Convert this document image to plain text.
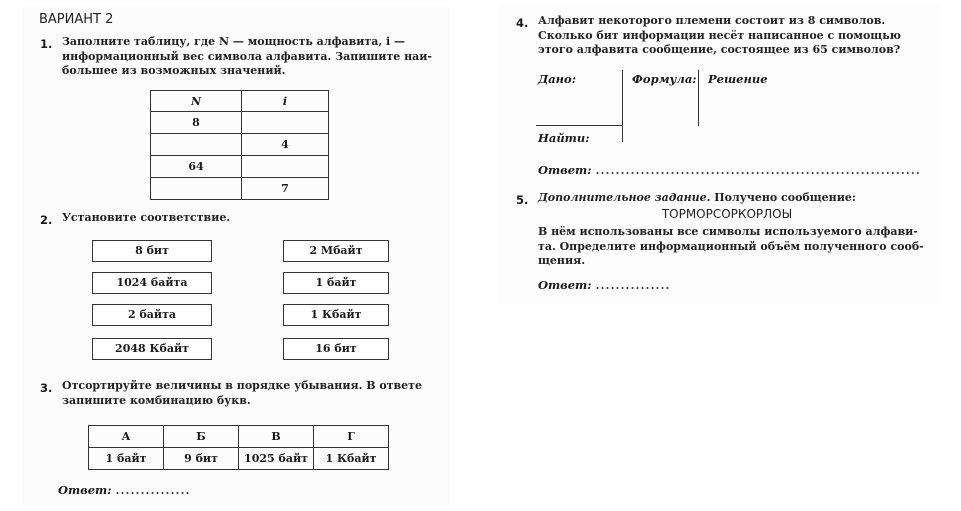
ВАРИАНТ 2
1. Заполните таблицу, где N — мощность алфавита, i —
информационный вес символа алфавита. Запишите наи-
большее из возможных значений.
N	i
8	
	4
64	
	7
2. Установите соответствие.
8 бит
1024 байта
2 байта
2048 Кбайт
2 Мбайт
1 байт
1 Кбайт
16 бит
3. Отсортируйте величины в порядке убывания. В ответе
запишите комбинацию букв.
А	Б	В	Г
1 байт	9 бит	1025 байт	1 Кбайт
Ответ: ...............
4. Алфавит некоторого племени состоит из 8 символов.
Сколько бит информации несёт написанное с помощью
этого алфавита сообщение, состоящее из 65 символов?
Дано:	Формула: Решение
Найти:
Ответ: .................................................................
5. Дополнительное задание. Получено сообщение:
ТОРМОРСОРКОРЛОЫ
В нём использованы все символы используемого алфави-
та. Определите информационный объём полученного сооб-
щения.
Ответ: ...............
